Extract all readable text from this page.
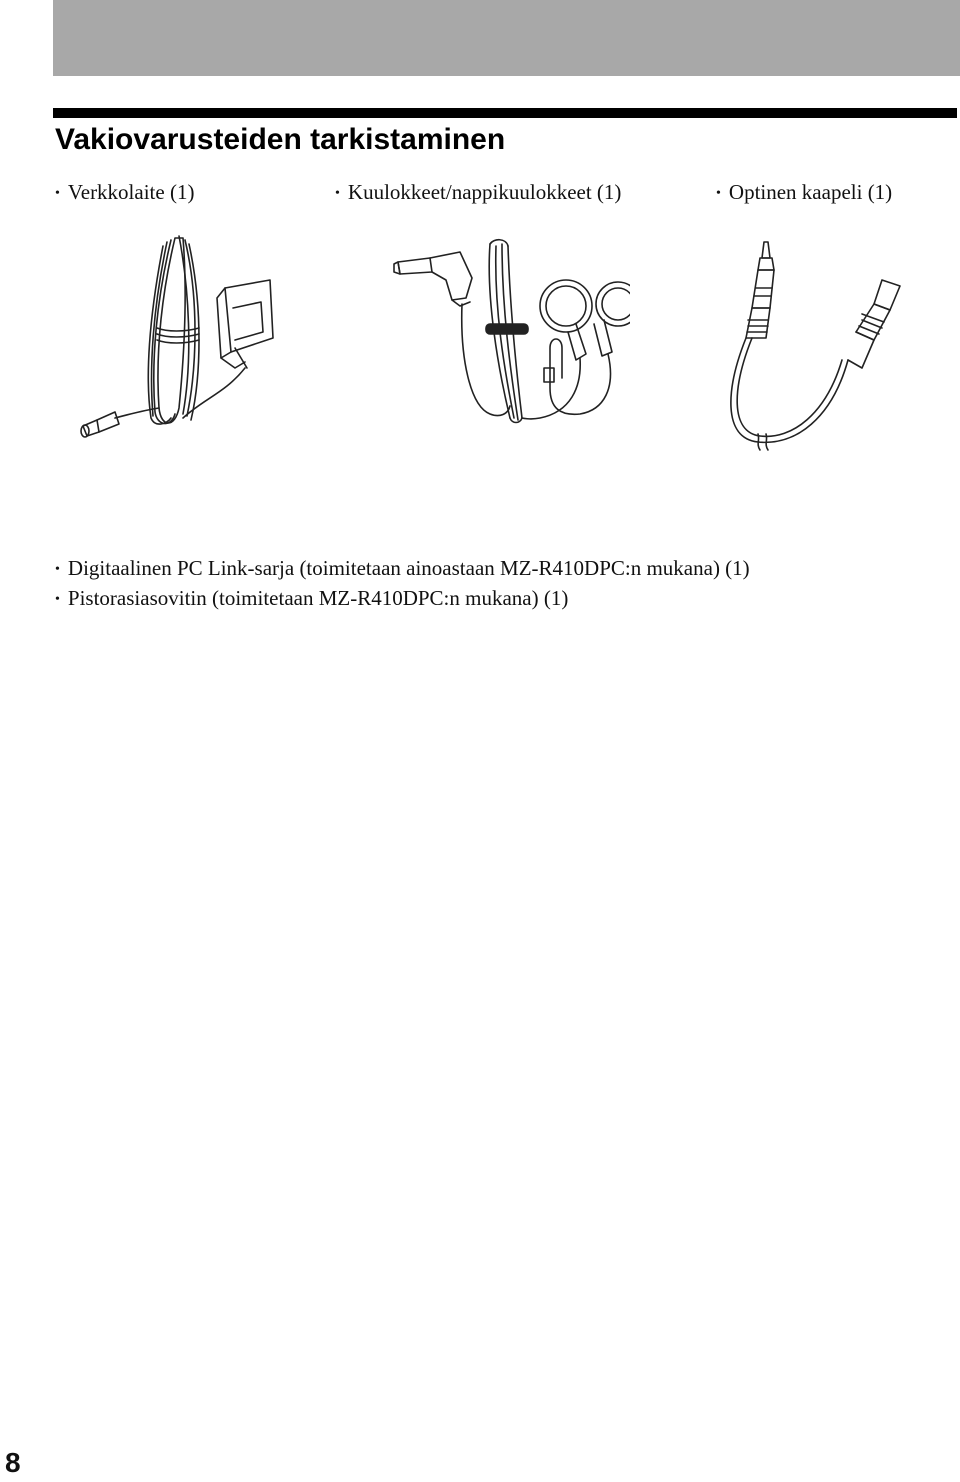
Vakiovarusteiden tarkistaminen
• Verkkolaite (1)	• Kuulokkeet/nappikuulokkeet (1)	• Optinen kaapeli (1)
• Digitaalinen PC Link-sarja (toimitetaan ainoastaan MZ-R410DPC:n mukana) (1)
• Pistorasiasovitin (toimitetaan MZ-R410DPC:n mukana) (1)
8
